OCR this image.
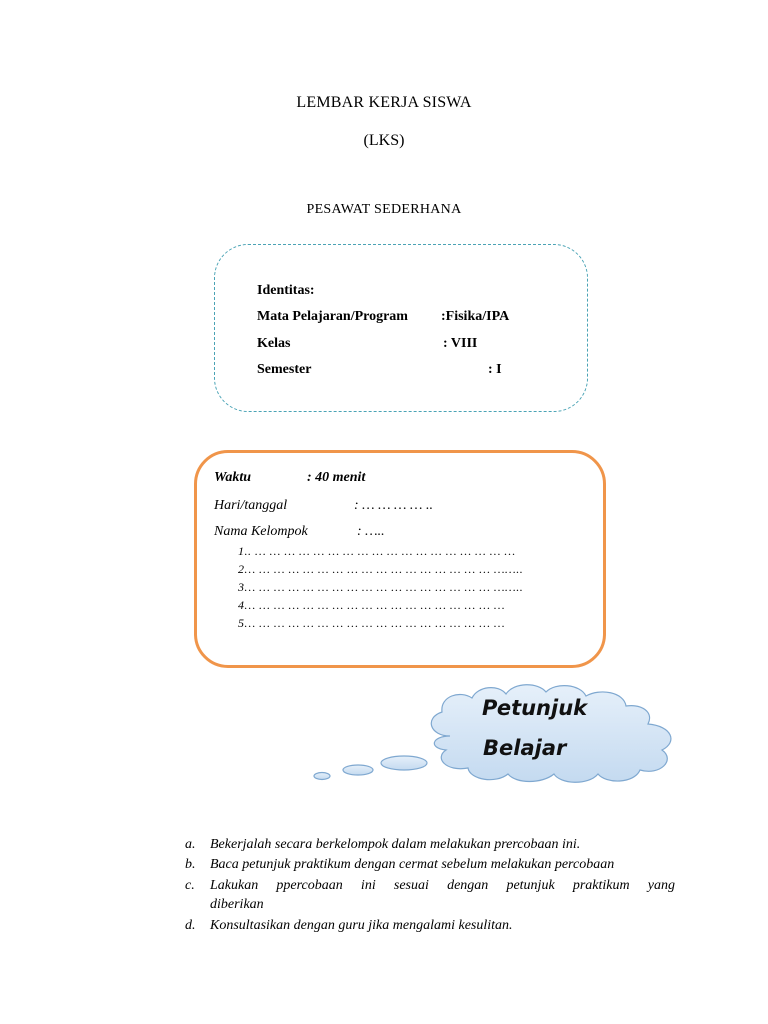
LEMBAR KERJA SISWA
(LKS)
PESAWAT SEDERHANA
Identitas:
Mata Pelajaran/Program :Fisika/IPA
Kelas	: VIII
Semester	: I
Waktu	: 40 menit
Hari/tanggal	: … … … … ..
Nama Kelompok	: …..
1.. … … … … … … … … … … … … … … … … … …
2… … … … … … … … … … … … … … … … … ……..
3… … … … … … … … … … … … … … … … … ……..
4… … … … … … … … … … … … … … … … … …
5… … … … … … … … … … … … … … … … … …
Petunjuk
Belajar
a. Bekerjalah secara berkelompok dalam melakukan prercobaan ini.
b. Baca petunjuk praktikum dengan cermat sebelum melakukan percobaan
c. Lakukan ppercobaan ini sesuai dengan petunjuk praktikum yang
diberikan
d. Konsultasikan dengan guru jika mengalami kesulitan.
